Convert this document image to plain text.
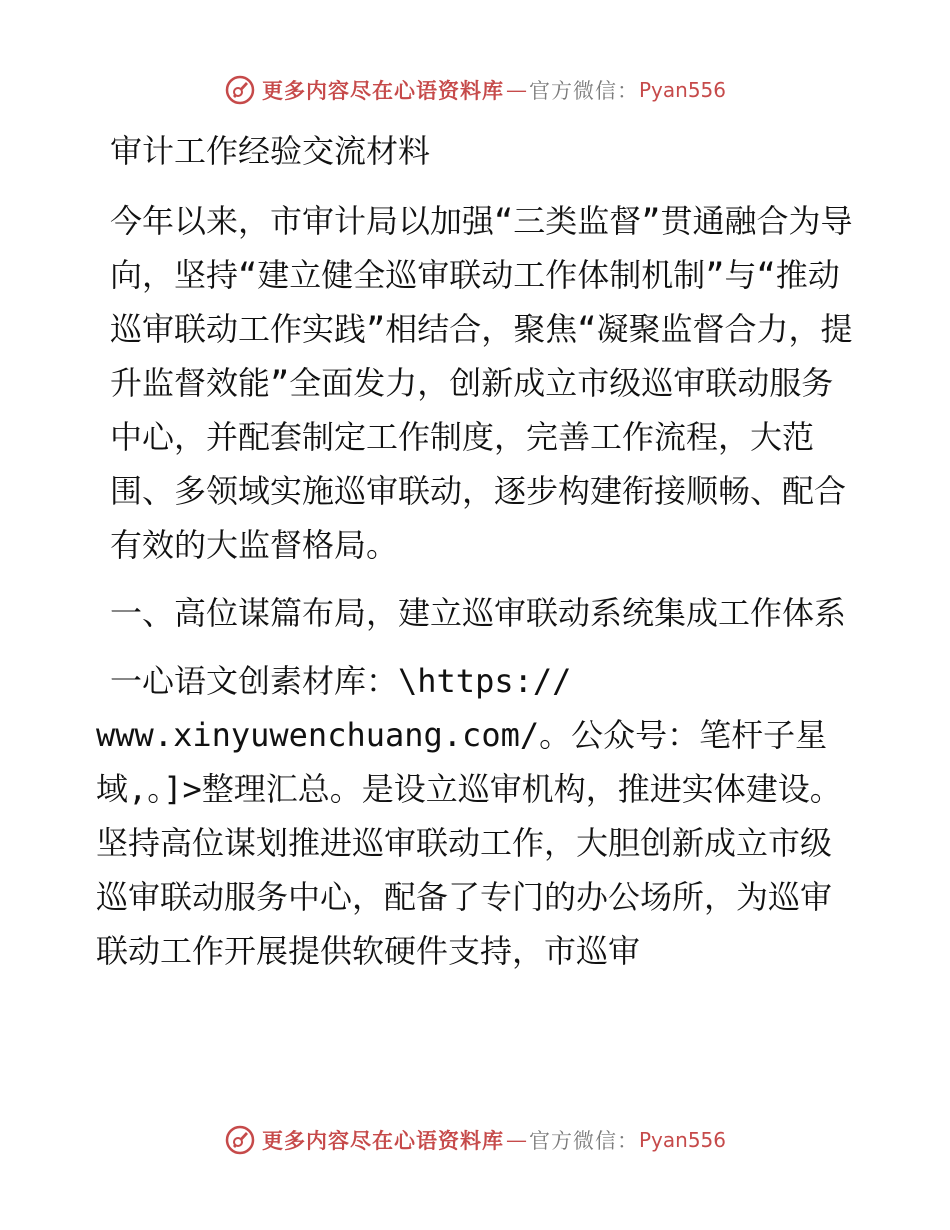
更多内容尽在心语资料库 — 官方微信： Pyan556

审计工作经验交流材料

今年以来，市审计局以加强“三类监督”贯通融合为导向，坚持“建立健全巡审联动工作体制机制”与“推动巡审联动工作实践”相结合，聚焦“凝聚监督合力，提升监督效能”全面发力，创新成立市级巡审联动服务中心，并配套制定工作制度，完善工作流程，大范围、多领域实施巡审联动，逐步构建衔接顺畅、配合有效的大监督格局。

一、高位谋篇布局，建立巡审联动系统集成工作体系

一心语文创素材库：\https://
www.xinyuwenchuang.com/。公众号：笔杆子星
域,。]>整理汇总。是设立巡审机构，推进实体建设。坚持高位谋划推进巡审联动工作，大胆创新成立市级巡审联动服务中心，配备了专门的办公场所，为巡审联动工作开展提供软硬件支持，市巡审

更多内容尽在心语资料库 — 官方微信： Pyan556
